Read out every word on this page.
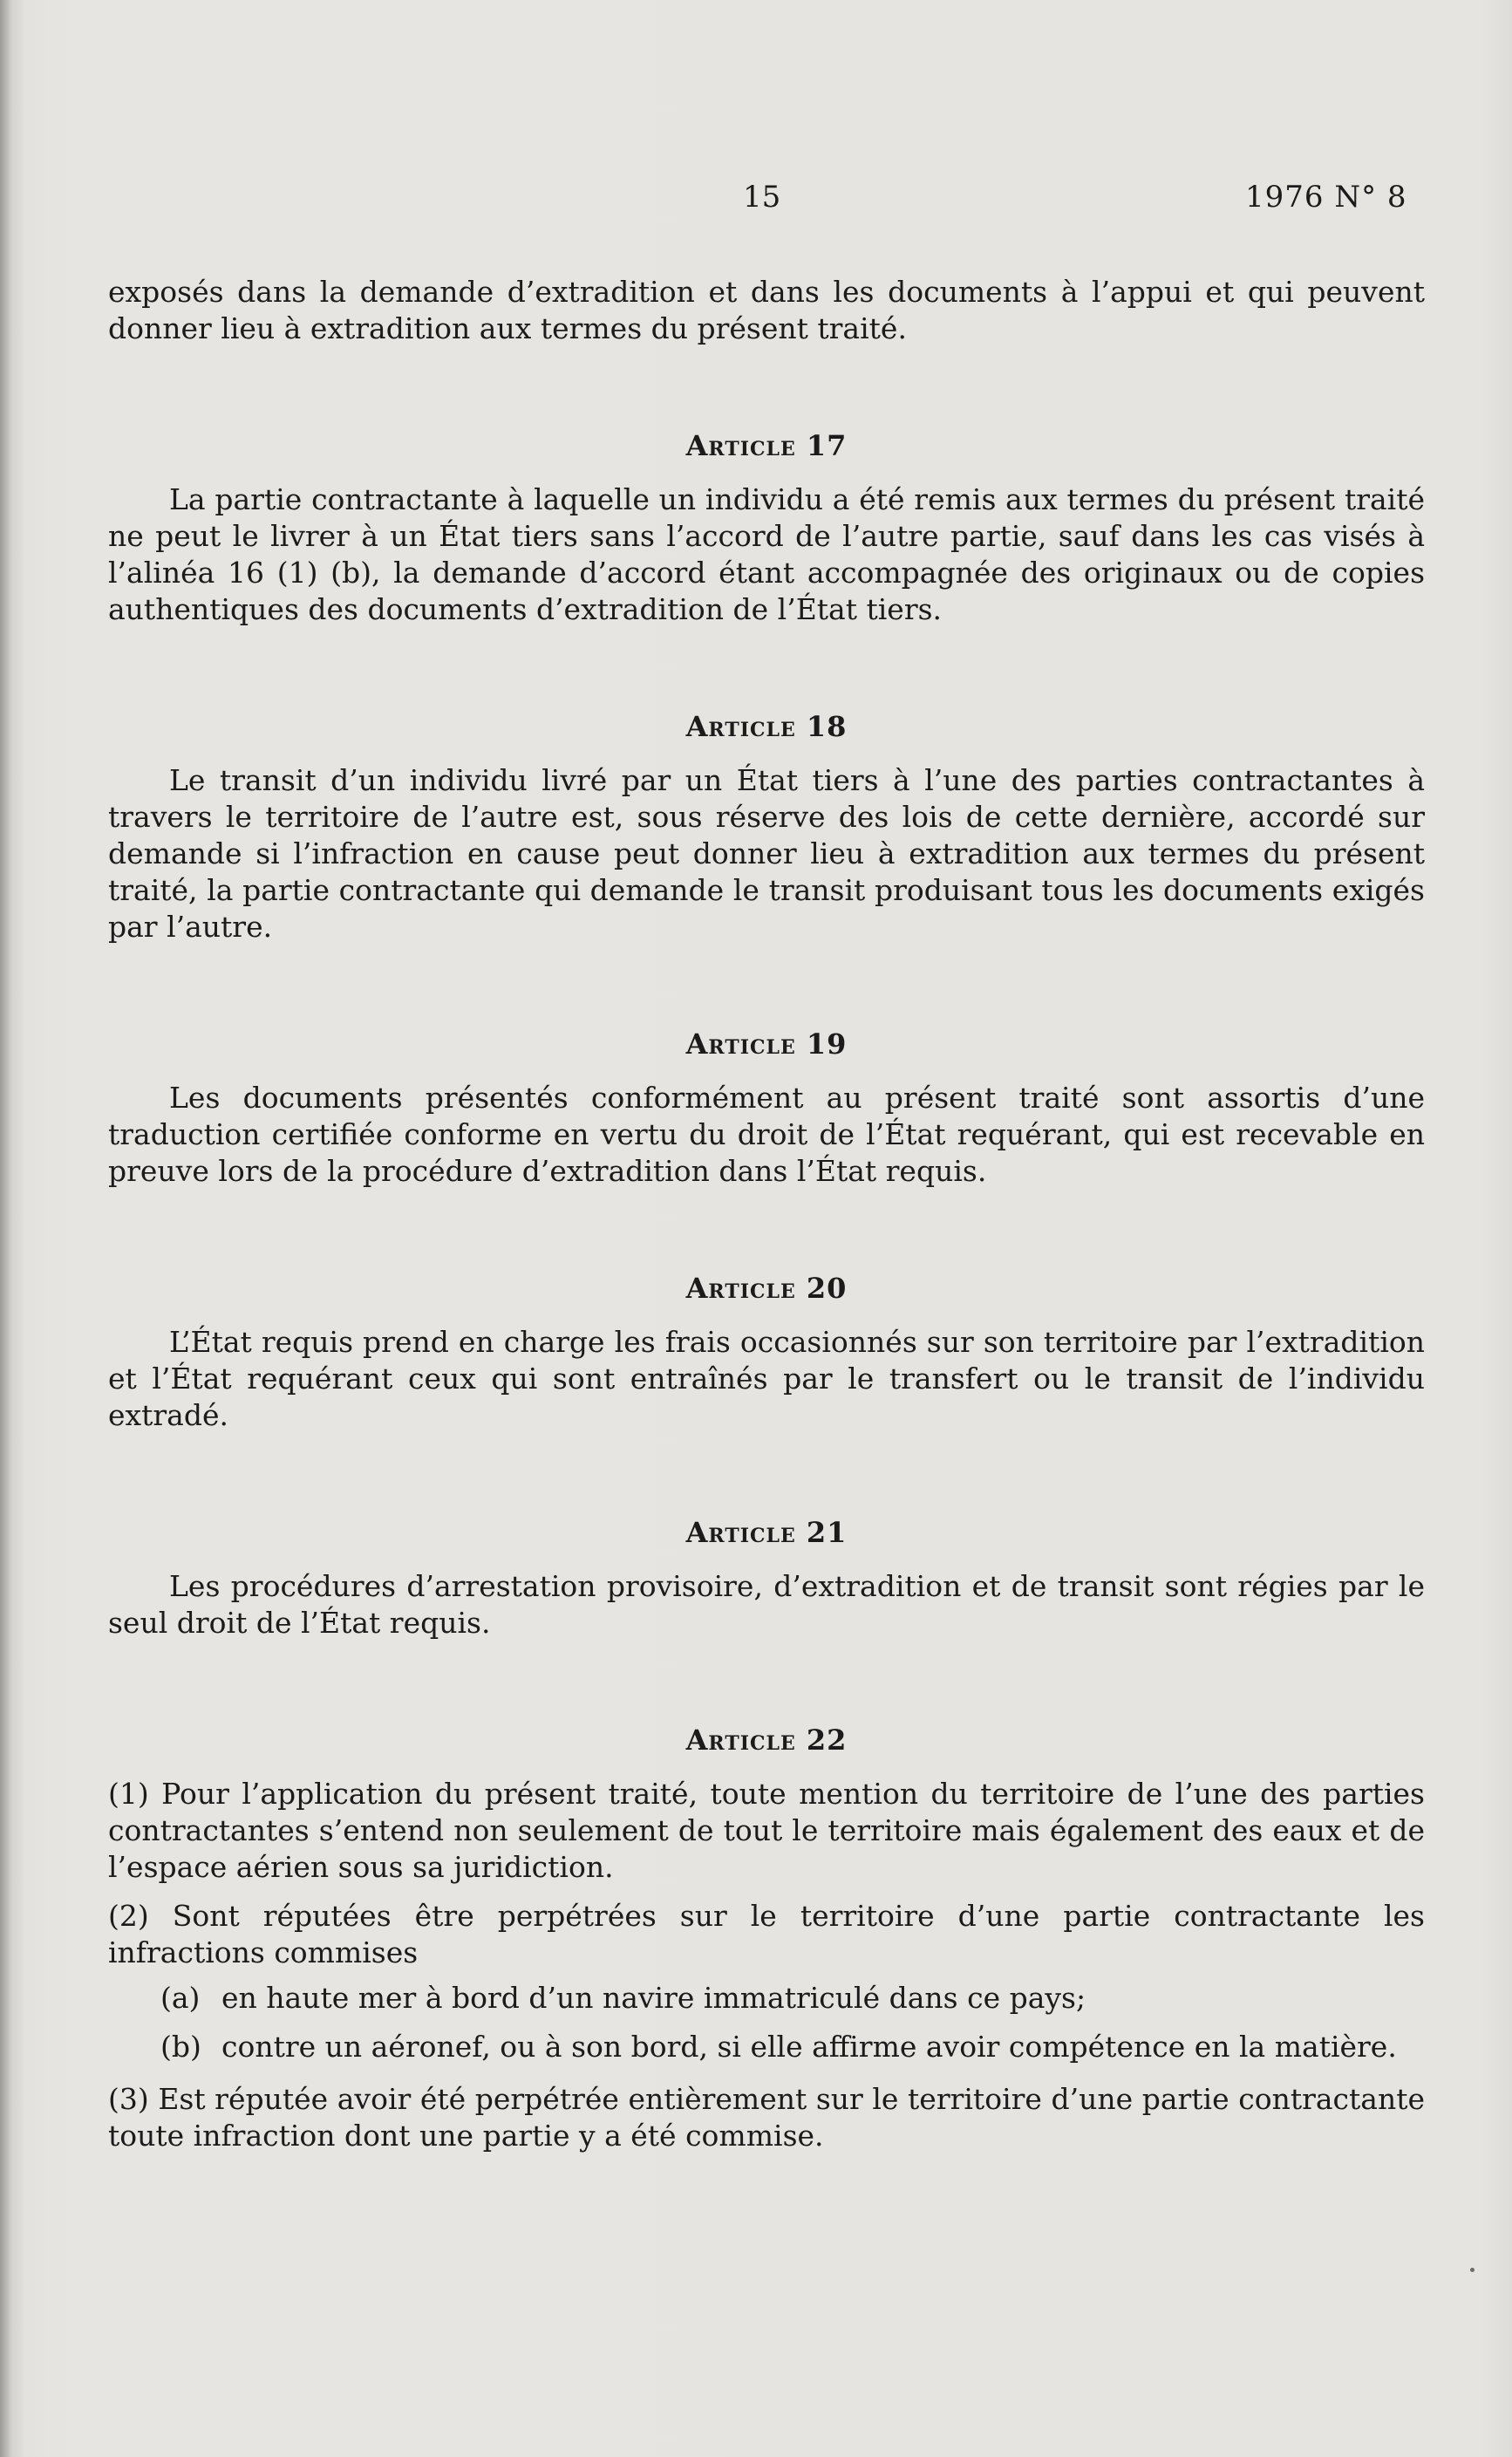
15	1976 N° 8

exposés dans la demande d’extradition et dans les documents à l’appui et qui peuvent donner lieu à extradition aux termes du présent traité.

Article 17

La partie contractante à laquelle un individu a été remis aux termes du présent traité ne peut le livrer à un État tiers sans l’accord de l’autre partie, sauf dans les cas visés à l’alinéa 16 (1) (b), la demande d’accord étant accompagnée des originaux ou de copies authentiques des documents d’extradition de l’État tiers.

Article 18

Le transit d’un individu livré par un État tiers à l’une des parties contractantes à travers le territoire de l’autre est, sous réserve des lois de cette dernière, accordé sur demande si l’infraction en cause peut donner lieu à extradition aux termes du présent traité, la partie contractante qui demande le transit produisant tous les documents exigés par l’autre.

Article 19

Les documents présentés conformément au présent traité sont assortis d’une traduction certifiée conforme en vertu du droit de l’État requérant, qui est recevable en preuve lors de la procédure d’extradition dans l’État requis.

Article 20

L’État requis prend en charge les frais occasionnés sur son territoire par l’extradition et l’État requérant ceux qui sont entraînés par le transfert ou le transit de l’individu extradé.

Article 21

Les procédures d’arrestation provisoire, d’extradition et de transit sont régies par le seul droit de l’État requis.

Article 22

(1) Pour l’application du présent traité, toute mention du territoire de l’une des parties contractantes s’entend non seulement de tout le territoire mais également des eaux et de l’espace aérien sous sa juridiction.

(2) Sont réputées être perpétrées sur le territoire d’une partie contractante les infractions commises

(a) en haute mer à bord d’un navire immatriculé dans ce pays;
(b) contre un aéronef, ou à son bord, si elle affirme avoir compétence en la matière.

(3) Est réputée avoir été perpétrée entièrement sur le territoire d’une partie contractante toute infraction dont une partie y a été commise.
